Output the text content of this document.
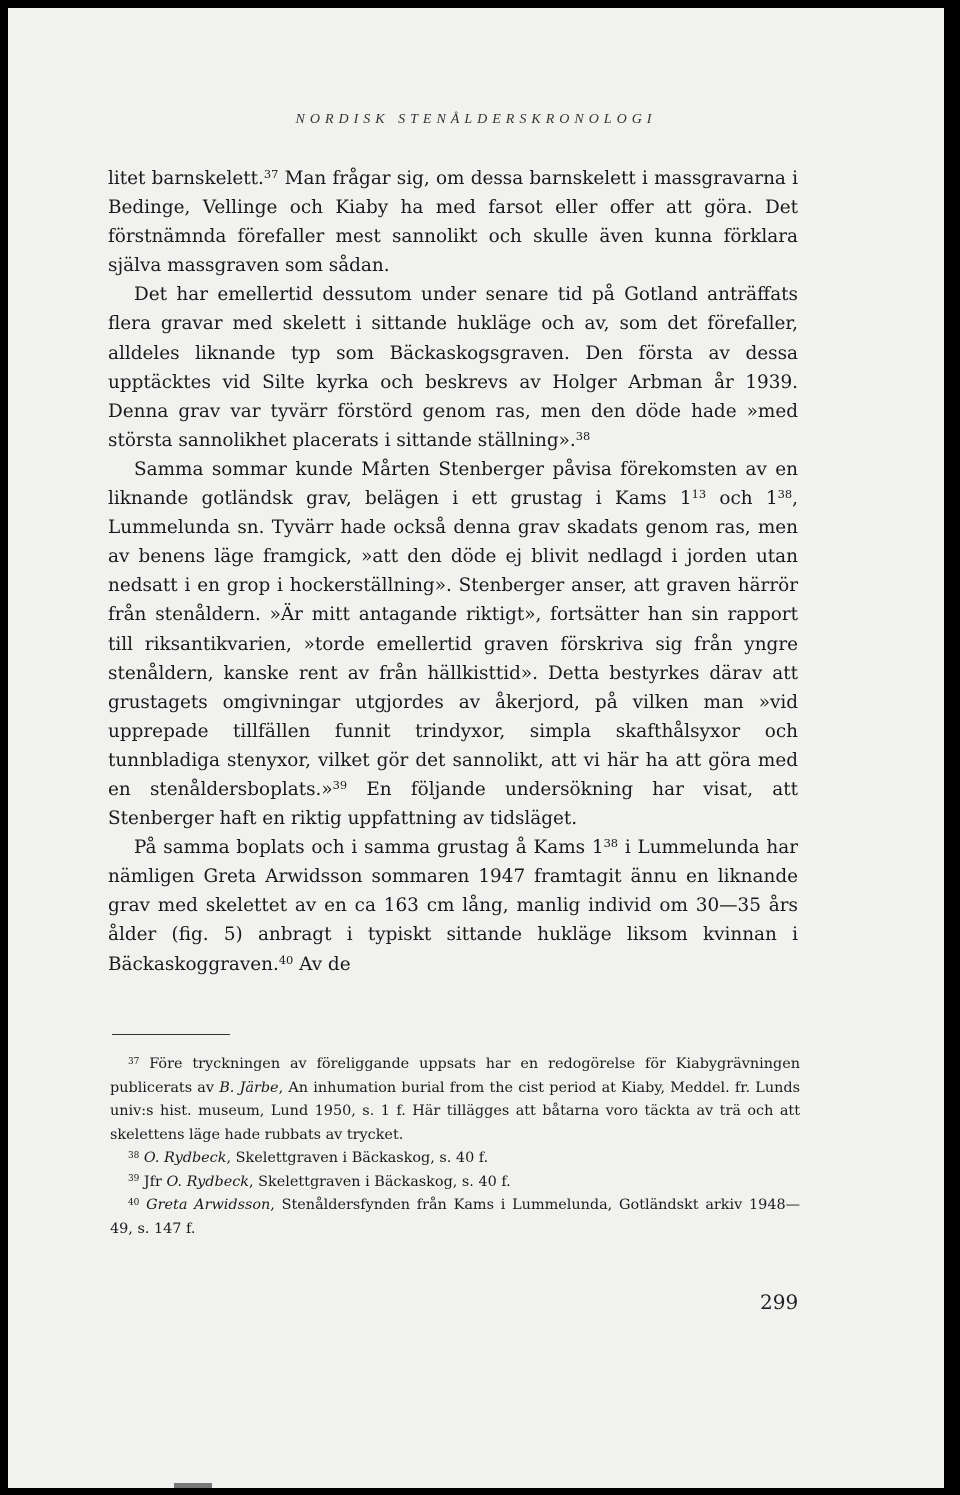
NORDISK STENÅLDERSKRONOLOGI

litet barnskelett.$^{37}$ Man frågar sig, om dessa barnskelett i massgravarna i Bedinge, Vellinge och Kiaby ha med farsot eller offer att göra. Det förstnämnda förefaller mest sannolikt och skulle även kunna förklara själva massgraven som sådan.

Det har emellertid dessutom under senare tid på Gotland anträffats flera gravar med skelett i sittande hukläge och av, som det förefaller, alldeles liknande typ som Bäckaskogsgraven. Den första av dessa upptäcktes vid Silte kyrka och beskrevs av Holger Arbman år 1939. Denna grav var tyvärr förstörd genom ras, men den döde hade »med största sannolikhet placerats i sittande ställning».$^{38}$

Samma sommar kunde Mårten Stenberger påvisa förekomsten av en liknande gotländsk grav, belägen i ett grustag i Kams $1^{13}$ och $1^{38}$, Lummelunda sn. Tyvärr hade också denna grav skadats genom ras, men av benens läge framgick, »att den döde ej blivit nedlagd i jorden utan nedsatt i en grop i hockerställning». Stenberger anser, att graven härrör från stenåldern. »Är mitt antagande riktigt», fortsätter han sin rapport till riksantikvarien, »torde emellertid graven förskriva sig från yngre stenåldern, kanske rent av från hällkisttid». Detta bestyrkes därav att grustagets omgivningar utgjordes av åkerjord, på vilken man »vid upprepade tillfällen funnit trindyxor, simpla skafthålsyxor och tunnbladiga stenyxor, vilket gör det sannolikt, att vi här ha att göra med en stenåldersboplats.»$^{39}$ En följande undersökning har visat, att Stenberger haft en riktig uppfattning av tidsläget.

På samma boplats och i samma grustag å Kams $1^{38}$ i Lummelunda har nämligen Greta Arwidsson sommaren 1947 framtagit ännu en liknande grav med skelettet av en ca 163 cm lång, manlig individ om 30—35 års ålder (fig. 5) anbragt i typiskt sittande hukläge liksom kvinnan i Bäckaskoggraven.$^{40}$ Av de

$^{37}$ Före tryckningen av föreliggande uppsats har en redogörelse för Kiabygrävningen publicerats av B. Järbe, An inhumation burial from the cist period at Kiaby, Meddel. fr. Lunds univ:s hist. museum, Lund 1950, s. 1 f. Här tillägges att båtarna voro täckta av trä och att skelettens läge hade rubbats av trycket.

$^{38}$ O. Rydbeck, Skelettgraven i Bäckaskog, s. 40 f.

$^{39}$ Jfr O. Rydbeck, Skelettgraven i Bäckaskog, s. 40 f.

$^{40}$ Greta Arwidsson, Stenåldersfynden från Kams i Lummelunda, Gotländskt arkiv 1948—49, s. 147 f.

299
